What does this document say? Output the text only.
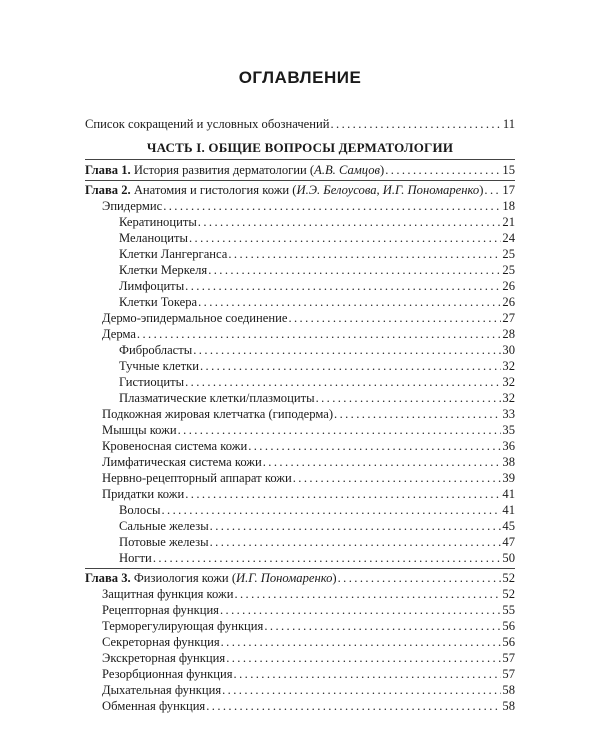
ОГЛАВЛЕНИЕ
Список сокращений и условных обозначений .....	11
ЧАСТЬ I. ОБЩИЕ ВОПРОСЫ ДЕРМАТОЛОГИИ
Глава 1. История развития дерматологии (А.В. Самцов) .....	15
Глава 2. Анатомия и гистология кожи (И.Э. Белоусова, И.Г. Пономаренко) ..... 17
Эпидермис .....	18
Кератиноциты .....	21
Меланоциты .....	24
Клетки Лангерганса .....	25
Клетки Меркеля .....	25
Лимфоциты .....	26
Клетки Токера .....	26
Дермо-эпидермальное соединение .....	27
Дерма .....	28
Фибробласты .....	30
Тучные клетки .....	32
Гистиоциты .....	32
Плазматические клетки/плазмоциты .....	32
Подкожная жировая клетчатка (гиподерма) .....	33
Мышцы кожи .....	35
Кровеносная система кожи .....	36
Лимфатическая система кожи .....	38
Нервно-рецепторный аппарат кожи .....	39
Придатки кожи .....	41
Волосы .....	41
Сальные железы .....	45
Потовые железы .....	47
Ногти .....	50
Глава 3. Физиология кожи (И.Г. Пономаренко) .....	52
Защитная функция кожи .....	52
Рецепторная функция .....	55
Терморегулирующая функция .....	56
Секреторная функция .....	56
Экскреторная функция .....	57
Резорбционная функция .....	57
Дыхательная функция .....	58
Обменная функция .....	58
